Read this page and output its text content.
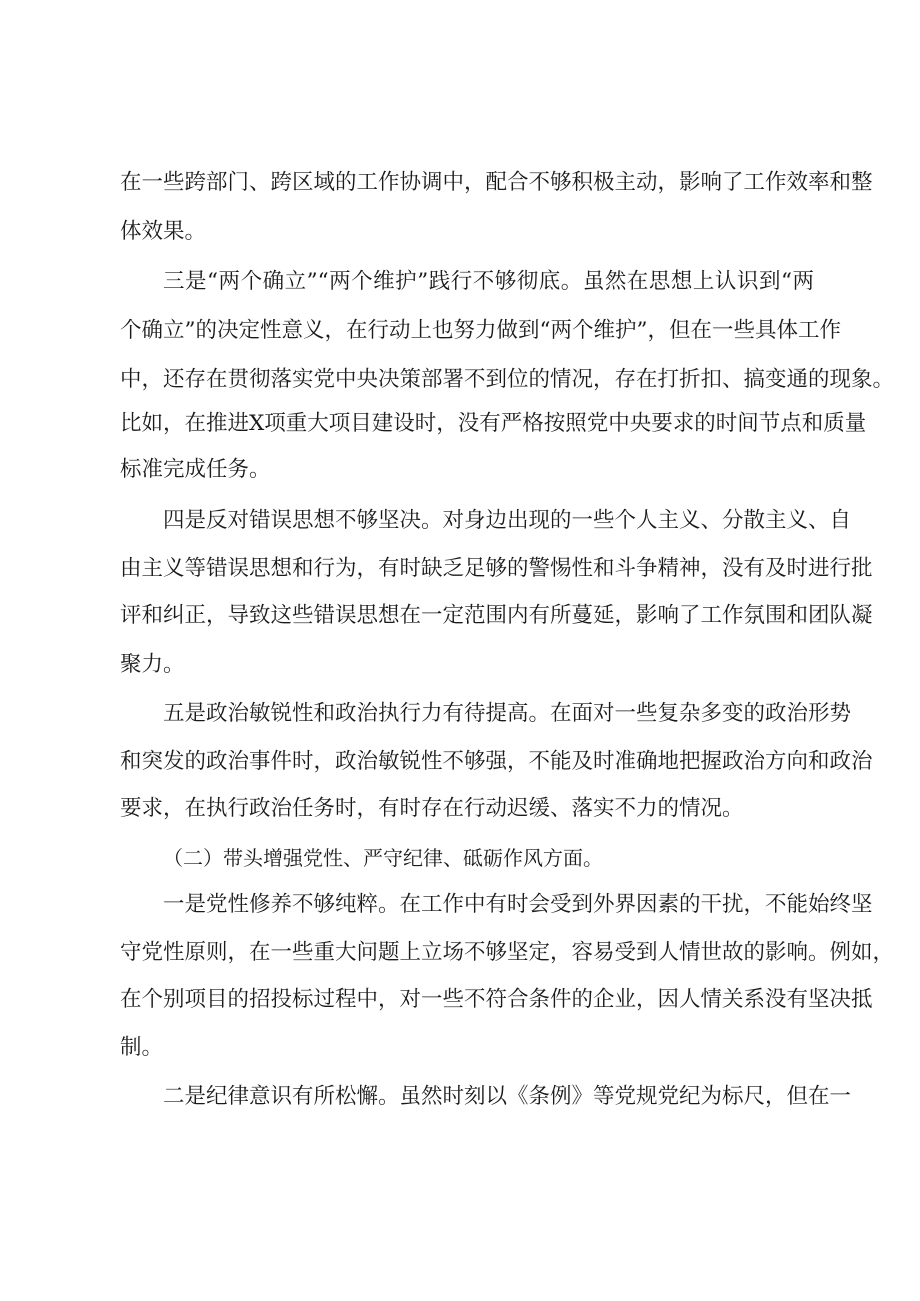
在一些跨部门、跨区域的工作协调中，配合不够积极主动，影响了工作效率和整
体效果。
三是“两个确立”“两个维护”践行不够彻底。虽然在思想上认识到“两
个确立”的决定性意义，在行动上也努力做到“两个维护”，但在一些具体工作
中，还存在贯彻落实党中央决策部署不到位的情况，存在打折扣、搞变通的现象。
比如，在推进X项重大项目建设时，没有严格按照党中央要求的时间节点和质量
标准完成任务。
四是反对错误思想不够坚决。对身边出现的一些个人主义、分散主义、自
由主义等错误思想和行为，有时缺乏足够的警惕性和斗争精神，没有及时进行批
评和纠正，导致这些错误思想在一定范围内有所蔓延，影响了工作氛围和团队凝
聚力。
五是政治敏锐性和政治执行力有待提高。在面对一些复杂多变的政治形势
和突发的政治事件时，政治敏锐性不够强，不能及时准确地把握政治方向和政治
要求，在执行政治任务时，有时存在行动迟缓、落实不力的情况。
（二）带头增强党性、严守纪律、砥砺作风方面。
一是党性修养不够纯粹。在工作中有时会受到外界因素的干扰，不能始终坚
守党性原则，在一些重大问题上立场不够坚定，容易受到人情世故的影响。例如，
在个别项目的招投标过程中，对一些不符合条件的企业，因人情关系没有坚决抵
制。
二是纪律意识有所松懈。虽然时刻以《条例》等党规党纪为标尺，但在一
